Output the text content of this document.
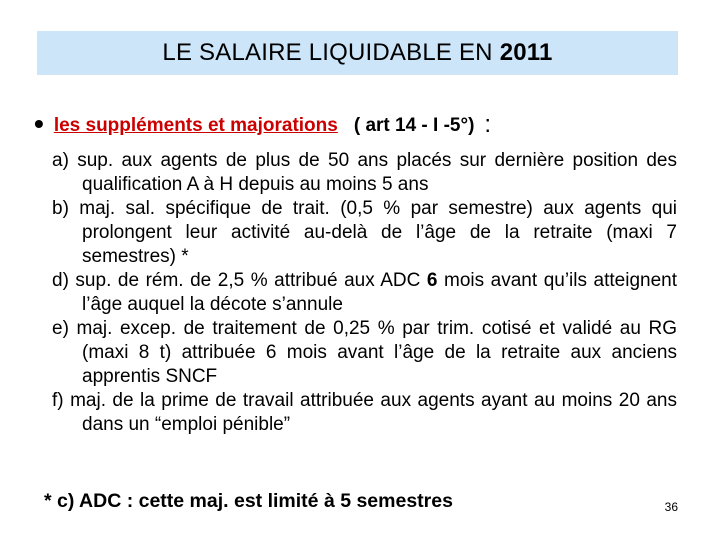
LE SALAIRE LIQUIDABLE EN 2011
• les suppléments et majorations ( art 14 - I -5°) :

a) sup. aux agents de plus de 50 ans placés sur dernière position des qualification A à H depuis au moins 5 ans

b) maj. sal. spécifique de trait. (0,5 % par semestre) aux agents qui prolongent leur activité au-delà de l’âge de la retraite (maxi 7 semestres) *

d) sup. de rém. de 2,5 % attribué aux ADC 6 mois avant qu’ils atteignent l’âge auquel la décote s’annule

e) maj. excep. de traitement de 0,25 % par trim. cotisé et validé au RG (maxi 8 t) attribuée 6 mois avant l’âge de la retraite aux anciens apprentis SNCF

f) maj. de la prime de travail attribuée aux agents ayant au moins 20 ans dans un “emploi pénible”

* c) ADC : cette maj. est limité à 5 semestres	36
